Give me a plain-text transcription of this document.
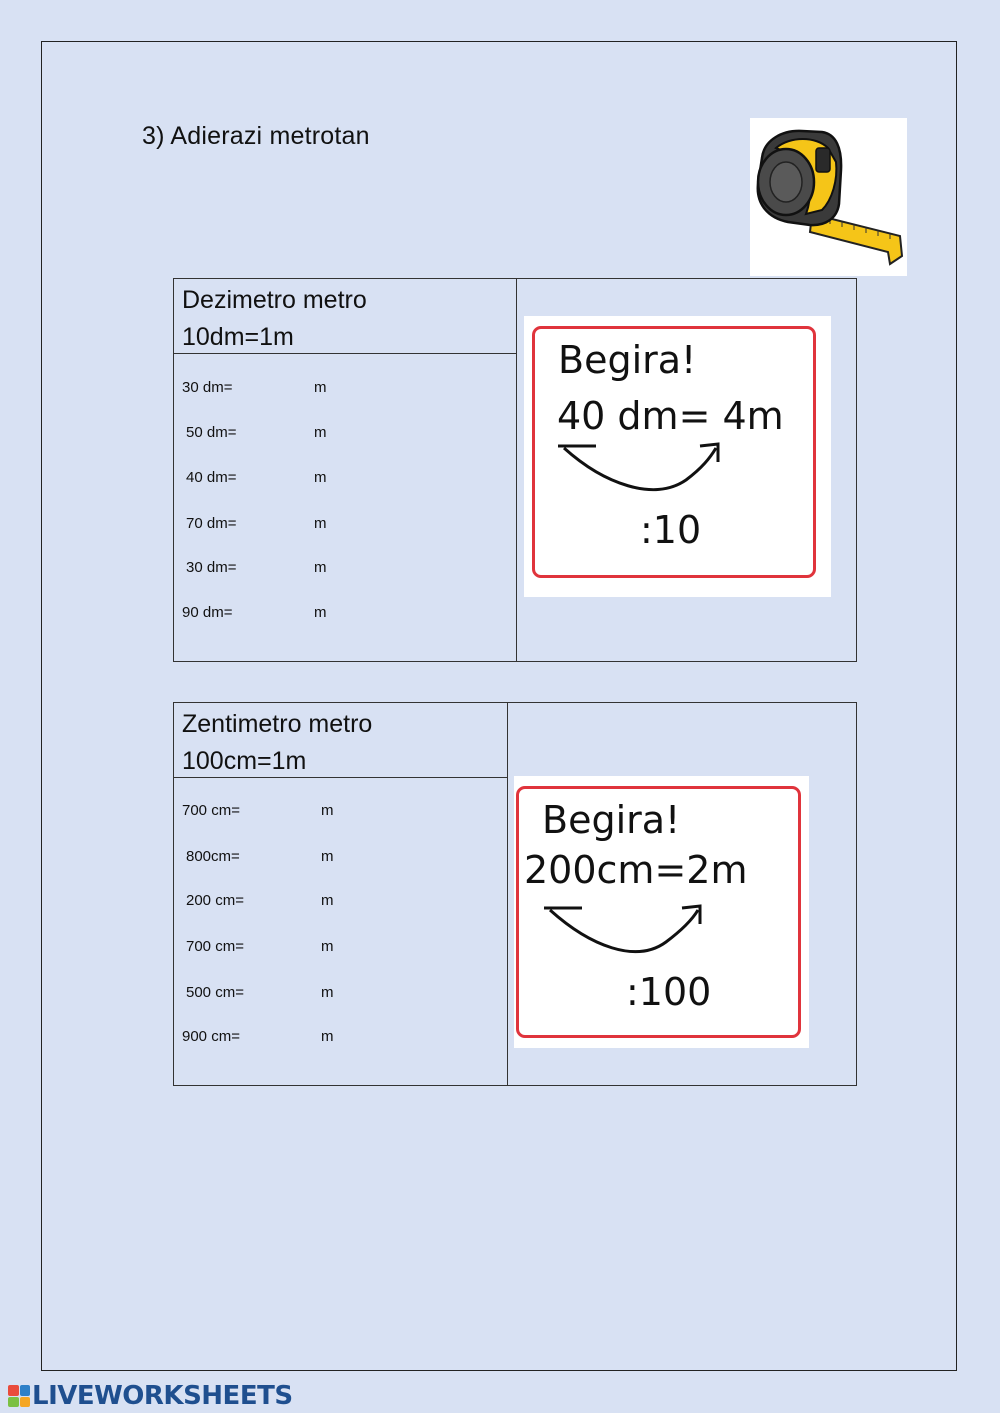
3) Adierazi metrotan
Dezimetro metro
10dm=1m
30 dm=	m
50 dm=	m
40 dm=	m
70 dm=	m
30 dm=	m
90 dm=	m
Begira!
40 dm= 4m
:10
Zentimetro metro
100cm=1m
700 cm=	m
800cm=	m
200 cm=	m
700 cm=	m
500 cm=	m
900 cm=	m
Begira!
200cm=2m
:100
LIVEWORKSHEETS
